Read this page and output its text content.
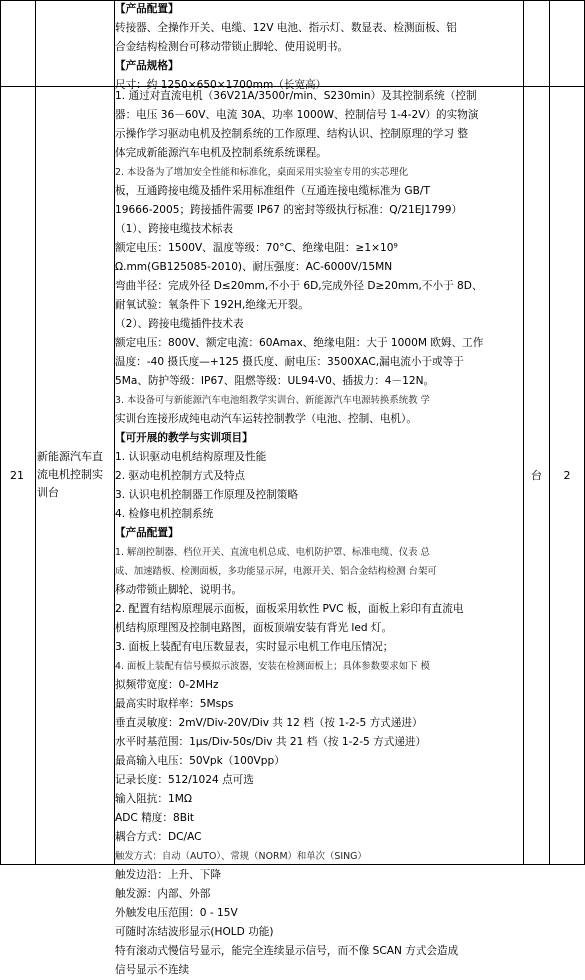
【产品配置】
转接器、全操作开关、电缆、12V 电池、指示灯、数显表、检测面板、铝
合金结构检测台可移动带锁止脚轮、使用说明书。
【产品规格】
尺寸：约 1250×650×1700mm（长宽高）
21
新能源汽车直流电机控制实训台
台	2
1. 通过对直流电机（36V21A/3500r/min、S230min）及其控制系统（控制
器：电压 36－60V、电流 30A、功率 1000W、控制信号 1-4-2V）的实物演
示操作学习驱动电机及控制系统的工作原理、结构认识、控制原理的学习 整
体完成新能源汽车电机及控制系统系统课程。
2. 本设备为了增加安全性能和标准化，桌面采用实验室专用的实芯理化
板，互通跨接电缆及插件采用标准组件（互通连接电缆标准为 GB/T
19666-2005；跨接插件需要 IP67 的密封等级执行标准：Q/21EJ1799）
（1）、跨接电缆技术标表
额定电压：1500V、温度等级：70°C、绝缘电阻：≥1×10⁹
Ω.mm(GB125085-2010)、耐压强度：AC-6000V/15MN
弯曲半径：完成外径 D≤20mm,不小于 6D,完成外径 D≥20mm,不小于 8D、
耐氧试验：氧条件下 192H,绝缘无开裂。
（2）、跨接电缆插件技术表
额定电压：800V、额定电流：60Amax、绝缘电阻：大于 1000M 欧姆、工作
温度：-40 摄氏度—+125 摄氏度、耐电压：3500XAC,漏电流小于或等于
5Ma、防护等级：IP67、阻燃等级：UL94-V0、插拔力：4－12N。
3. 本设备可与新能源汽车电池组教学实训台、新能源汽车电源转换系统教 学
实训台连接形成纯电动汽车运转控制教学（电池、控制、电机）。
【可开展的教学与实训项目】
1. 认识驱动电机结构原理及性能
2. 驱动电机控制方式及特点
3. 认识电机控制器工作原理及控制策略
4. 检修电机控制系统
【产品配置】
1. 解剖控制器、档位开关、直流电机总成、电机防护罩、标准电缆、仪表 总
成、加速踏板、检测面板，多功能显示屏，电源开关、铝合金结构检测 台架可
移动带锁止脚轮、说明书。
2. 配置有结构原理展示面板，面板采用软性 PVC 板，面板上彩印有直流电
机结构原理图及控制电路图，面板顶端安装有背光 led 灯。
3. 面板上装配有电压数显表，实时显示电机工作电压情况；
4. 面板上装配有信号模拟示波器，安装在检测面板上；具体参数要求如下 模
拟频带宽度：0-2MHz
最高实时取样率：5Msps
垂直灵敏度：2mV/Div-20V/Div 共 12 档（按 1-2-5 方式递进）
水平时基范围：1μs/Div-50s/Div 共 21 档（按 1-2-5 方式递进）
最高输入电压：50Vpk（100Vpp）
记录长度：512/1024 点可选
输入阻抗：1MΩ
ADC 精度：8Bit
耦合方式：DC/AC
触发方式：自动（AUTO）、常规（NORM）和单次（SING）
触发边沿：上升、下降
触发源：内部、外部
外触发电压范围：0 - 15V
可随时冻结波形显示(HOLD 功能)
特有滚动式慢信号显示，能完全连续显示信号，而不像 SCAN 方式会造成
信号显示不连续
